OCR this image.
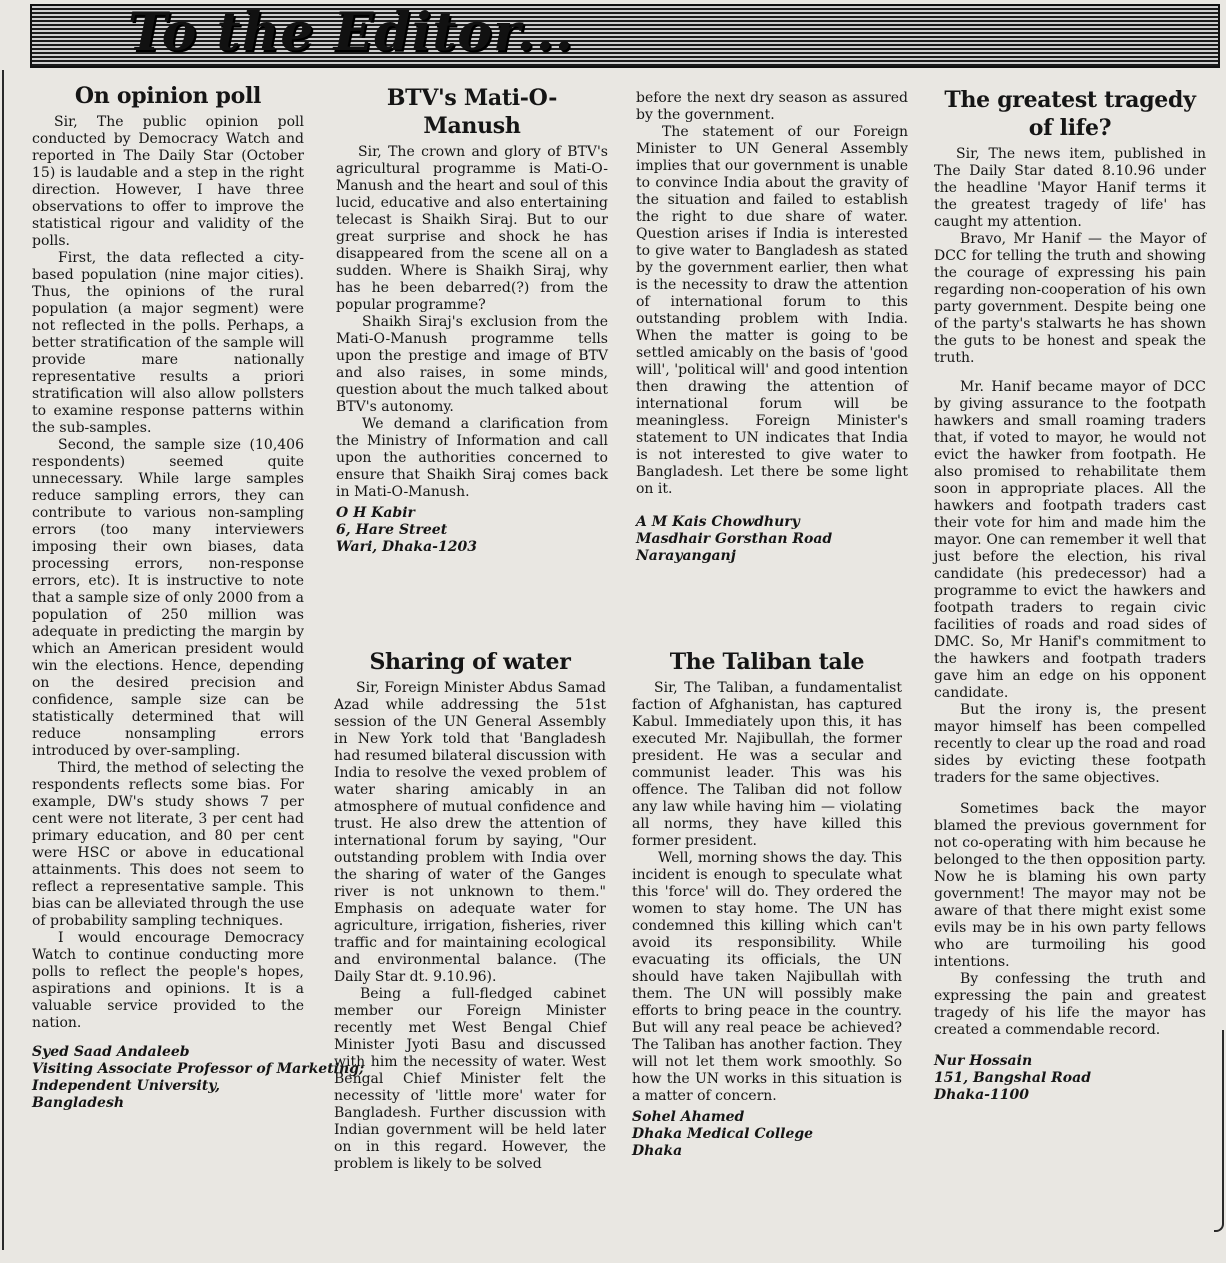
To the Editor...
On opinion poll

Sir, The public opinion poll conducted by Democracy Watch and reported in The Daily Star (October 15) is laudable and a step in the right direction. However, I have three observations to offer to improve the statistical rigour and validity of the polls.

First, the data reflected a city-based population (nine major cities). Thus, the opinions of the rural population (a major segment) were not reflected in the polls. Perhaps, a better stratification of the sample will provide mare nationally representative results a priori stratification will also allow pollsters to examine response patterns within the sub-samples.

Second, the sample size (10,406 respondents) seemed quite unnecessary. While large samples reduce sampling errors, they can contribute to various non-sampling errors (too many interviewers imposing their own biases, data processing errors, non-response errors, etc). It is instructive to note that a sample size of only 2000 from a population of 250 million was adequate in predicting the margin by which an American president would win the elections. Hence, depending on the desired precision and confidence, sample size can be statistically determined that will reduce nonsampling errors introduced by over-sampling.

Third, the method of selecting the respondents reflects some bias. For example, DW's study shows 7 per cent were not literate, 3 per cent had primary education, and 80 per cent were HSC or above in educational attainments. This does not seem to reflect a representative sample. This bias can be alleviated through the use of probability sampling techniques.

I would encourage Democracy Watch to continue conducting more polls to reflect the people's hopes, aspirations and opinions. It is a valuable service provided to the nation.

Syed Saad Andaleeb
Visiting Associate Professor of Marketing;
Independent University,
Bangladesh
BTV's Mati-O-Manush

Sir, The crown and glory of BTV's agricultural programme is Mati-O-Manush and the heart and soul of this lucid, educative and also entertaining telecast is Shaikh Siraj. But to our great surprise and shock he has disappeared from the scene all on a sudden. Where is Shaikh Siraj, why has he been debarred(?) from the popular programme?

Shaikh Siraj's exclusion from the Mati-O-Manush programme tells upon the prestige and image of BTV and also raises, in some minds, question about the much talked about BTV's autonomy.

We demand a clarification from the Ministry of Information and call upon the authorities concerned to ensure that Shaikh Siraj comes back in Mati-O-Manush.

O H Kabir
6, Hare Street
Wari, Dhaka-1203
Sharing of water

Sir, Foreign Minister Abdus Samad Azad while addressing the 51st session of the UN General Assembly in New York told that 'Bangladesh had resumed bilateral discussion with India to resolve the vexed problem of water sharing amicably in an atmosphere of mutual confidence and trust. He also drew the attention of international forum by saying, "Our outstanding problem with India over the sharing of water of the Ganges river is not unknown to them." Emphasis on adequate water for agriculture, irrigation, fisheries, river traffic and for maintaining ecological and environmental balance. (The Daily Star dt. 9.10.96).

Being a full-fledged cabinet member our Foreign Minister recently met West Bengal Chief Minister Jyoti Basu and discussed with him the necessity of water. West Bengal Chief Minister felt the necessity of 'little more' water for Bangladesh. Further discussion with Indian government will be held later on in this regard. However, the problem is likely to be solved

before the next dry season as assured by the government.

The statement of our Foreign Minister to UN General Assembly implies that our government is unable to convince India about the gravity of the situation and failed to establish the right to due share of water. Question arises if India is interested to give water to Bangladesh as stated by the government earlier, then what is the necessity to draw the attention of international forum to this outstanding problem with India. When the matter is going to be settled amicably on the basis of 'good will', 'political will' and good intention then drawing the attention of international forum will be meaningless. Foreign Minister's statement to UN indicates that India is not interested to give water to Bangladesh. Let there be some light on it.

A M Kais Chowdhury
Masdhair Gorsthan Road
Narayanganj
The Taliban tale

Sir, The Taliban, a fundamentalist faction of Afghanistan, has captured Kabul. Immediately upon this, it has executed Mr. Najibullah, the former president. He was a secular and communist leader. This was his offence. The Taliban did not follow any law while having him — violating all norms, they have killed this former president.

Well, morning shows the day. This incident is enough to speculate what this 'force' will do. They ordered the women to stay home. The UN has condemned this killing which can't avoid its responsibility. While evacuating its officials, the UN should have taken Najibullah with them. The UN will possibly make efforts to bring peace in the country. But will any real peace be achieved? The Taliban has another faction. They will not let them work smoothly. So how the UN works in this situation is a matter of concern.

Sohel Ahamed
Dhaka Medical College
Dhaka
The greatest tragedy of life?

Sir, The news item, published in The Daily Star dated 8.10.96 under the headline 'Mayor Hanif terms it the greatest tragedy of life' has caught my attention.

Bravo, Mr Hanif — the Mayor of DCC for telling the truth and showing the courage of expressing his pain regarding non-cooperation of his own party government. Despite being one of the party's stalwarts he has shown the guts to be honest and speak the truth.

Mr. Hanif became mayor of DCC by giving assurance to the footpath hawkers and small roaming traders that, if voted to mayor, he would not evict the hawker from footpath. He also promised to rehabilitate them soon in appropriate places. All the hawkers and footpath traders cast their vote for him and made him the mayor. One can remember it well that just before the election, his rival candidate (his predecessor) had a programme to evict the hawkers and footpath traders to regain civic facilities of roads and road sides of DMC. So, Mr Hanif's commitment to the hawkers and footpath traders gave him an edge on his opponent candidate.

But the irony is, the present mayor himself has been compelled recently to clear up the road and road sides by evicting these footpath traders for the same objectives.

Sometimes back the mayor blamed the previous government for not co-operating with him because he belonged to the then opposition party. Now he is blaming his own party government! The mayor may not be aware of that there might exist some evils may be in his own party fellows who are turmoiling his good intentions.

By confessing the truth and expressing the pain and greatest tragedy of his life the mayor has created a commendable record.

Nur Hossain
151, Bangshal Road
Dhaka-1100
